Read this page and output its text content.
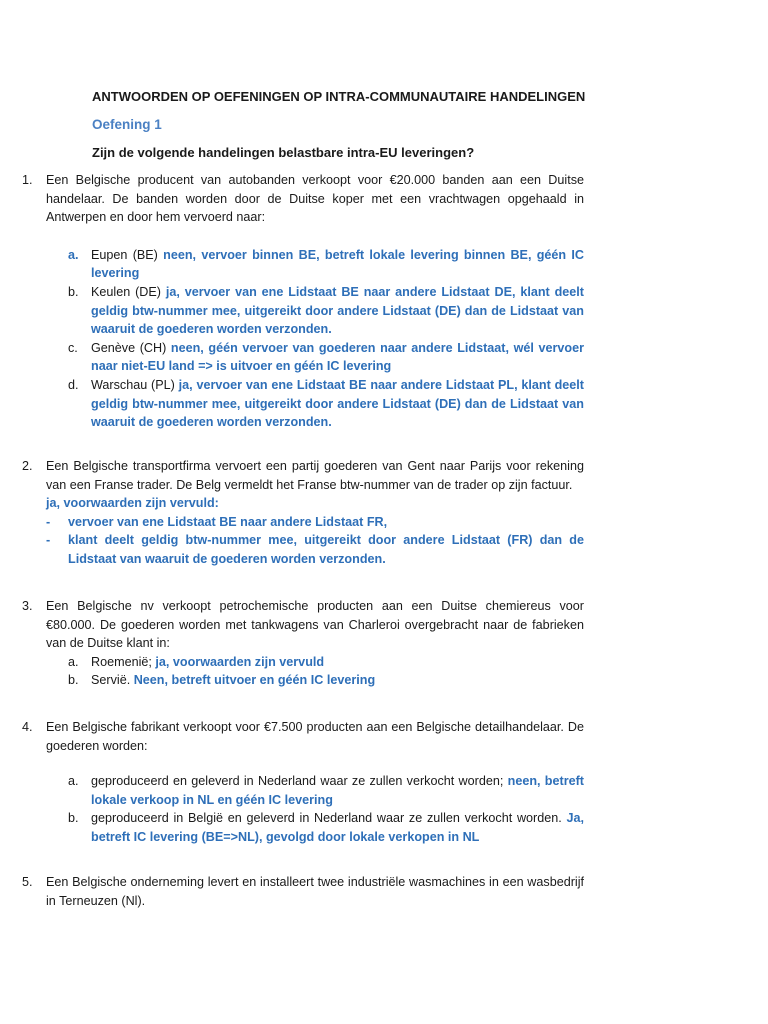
ANTWOORDEN OP OEFENINGEN OP INTRA-COMMUNAUTAIRE HANDELINGEN
Oefening 1
Zijn de volgende handelingen belastbare intra-EU leveringen?
1. Een Belgische producent van autobanden verkoopt voor €20.000 banden aan een Duitse handelaar. De banden worden door de Duitse koper met een vrachtwagen opgehaald in Antwerpen en door hem vervoerd naar:
a. Eupen (BE) neen, vervoer binnen BE, betreft lokale levering binnen BE, géén IC levering
b. Keulen (DE) ja, vervoer van ene Lidstaat BE naar andere Lidstaat DE, klant deelt geldig btw-nummer mee, uitgereikt door andere Lidstaat (DE) dan de Lidstaat van waaruit de goederen worden verzonden.
c. Genève (CH) neen, géén vervoer van goederen naar andere Lidstaat, wél vervoer naar niet-EU land => is uitvoer en géén IC levering
d. Warschau (PL) ja, vervoer van ene Lidstaat BE naar andere Lidstaat PL, klant deelt geldig btw-nummer mee, uitgereikt door andere Lidstaat (DE) dan de Lidstaat van waaruit de goederen worden verzonden.
2. Een Belgische transportfirma vervoert een partij goederen van Gent naar Parijs voor rekening van een Franse trader. De Belg vermeldt het Franse btw-nummer van de trader op zijn factuur.
ja, voorwaarden zijn vervuld:
- vervoer van ene Lidstaat BE naar andere Lidstaat FR,
- klant deelt geldig btw-nummer mee, uitgereikt door andere Lidstaat (FR) dan de Lidstaat van waaruit de goederen worden verzonden.
3. Een Belgische nv verkoopt petrochemische producten aan een Duitse chemiereus voor €80.000. De goederen worden met tankwagens van Charleroi overgebracht naar de fabrieken van de Duitse klant in:
a. Roemenië; ja, voorwaarden zijn vervuld
b. Servië. Neen, betreft uitvoer en géén IC levering
4. Een Belgische fabrikant verkoopt voor €7.500 producten aan een Belgische detailhandelaar. De goederen worden:
a. geproduceerd en geleverd in Nederland waar ze zullen verkocht worden; neen, betreft lokale verkoop in NL en géén IC levering
b. geproduceerd in België en geleverd in Nederland waar ze zullen verkocht worden. Ja, betreft IC levering (BE=>NL), gevolgd door lokale verkopen in NL
5. Een Belgische onderneming levert en installeert twee industriële wasmachines in een wasbedrijf in Terneuzen (Nl).
